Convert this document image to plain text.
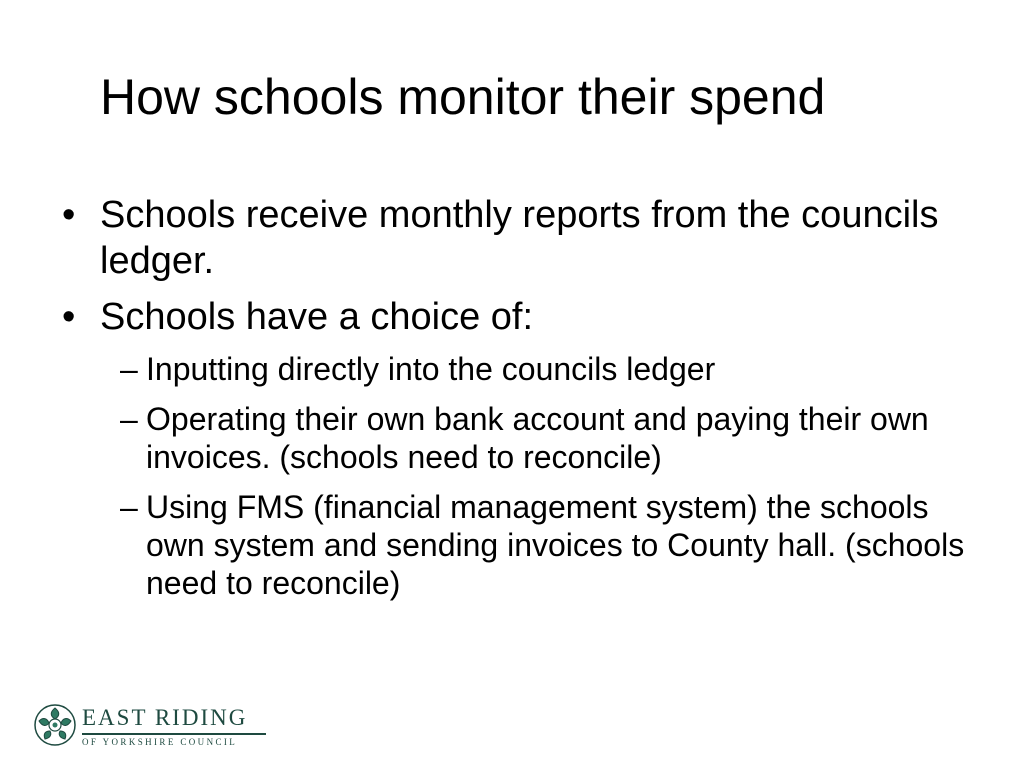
How schools monitor their spend
• Schools receive monthly reports from the councils ledger.
• Schools have a choice of:
– Inputting directly into the councils ledger
– Operating their own bank account and paying their own invoices. (schools need to reconcile)
– Using FMS (financial management system) the schools own system and sending invoices to County hall. (schools need to reconcile)
EAST RIDING
OF YORKSHIRE COUNCIL
